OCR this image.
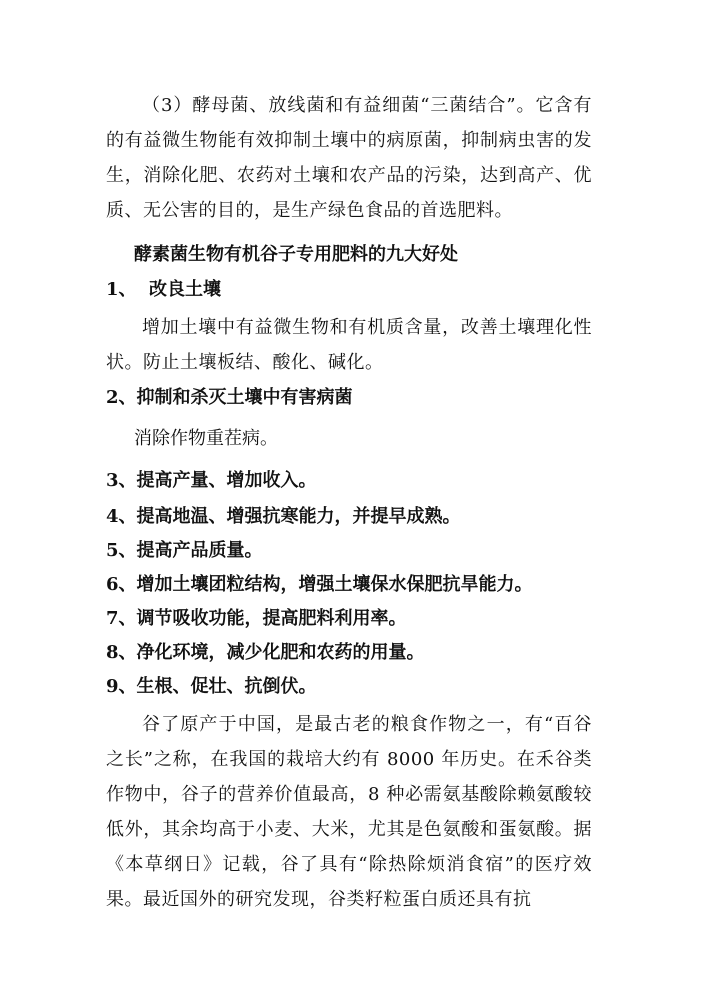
（3）酵母菌、放线菌和有益细菌“三菌结合”。它含有的有益微生物能有效抑制土壤中的病原菌，抑制病虫害的发生，消除化肥、农药对土壤和农产品的污染，达到高产、优质、无公害的目的，是生产绿色食品的首选肥料。

酵素菌生物有机谷子专用肥料的九大好处

1、  改良土壤

增加土壤中有益微生物和有机质含量，改善土壤理化性状。防止土壤板结、酸化、碱化。

2、抑制和杀灭土壤中有害病菌

消除作物重茬病。

3、提高产量、增加收入。

4、提高地温、增强抗寒能力，并提早成熟。

5、提高产品质量。

6、增加土壤团粒结构，增强土壤保水保肥抗旱能力。

7、调节吸收功能，提高肥料利用率。

8、净化环境，减少化肥和农药的用量。

9、生根、促壮、抗倒伏。

谷了原产于中国，是最古老的粮食作物之一，有“百谷之长”之称，在我国的栽培大约有 8000 年历史。在禾谷类作物中，谷子的营养价值最高，8 种必需氨基酸除赖氨酸较低外，其余均高于小麦、大米，尤其是色氨酸和蛋氨酸。据《本草纲日》记载，谷了具有“除热除烦消食宿”的医疗效果。最近国外的研究发现，谷类籽粒蛋白质还具有抗
